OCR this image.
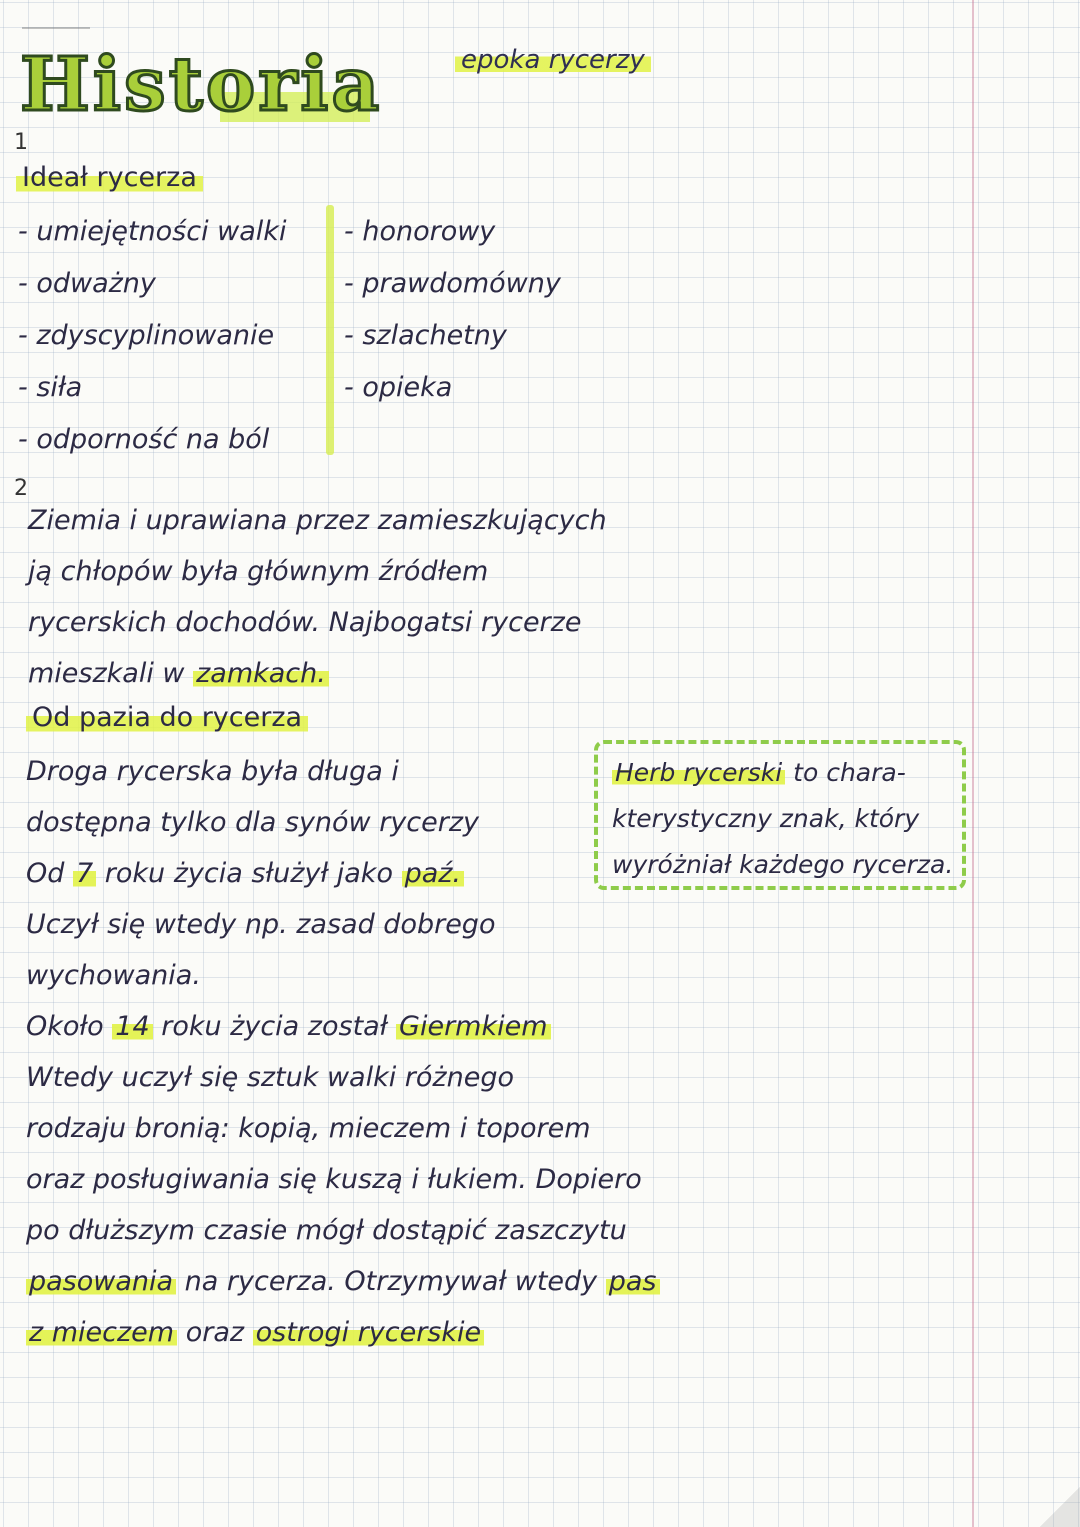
Historia	epoka rycerzy
1
Ideał rycerza
- umiejętności walki
- odważny
- zdyscyplinowanie
- siła
- odporność na ból
- honorowy
- prawdomówny
- szlachetny
- opieka
2
Ziemia i uprawiana przez zamieszkujących
ją chłopów była głównym źródłem
rycerskich dochodów. Najbogatsi rycerze
mieszkali w zamkach.
Od pazia do rycerza
Droga rycerska była długa i
dostępna tylko dla synów rycerzy
Od 7 roku życia służył jako paź.
Uczył się wtedy np. zasad dobrego
wychowania.
Około 14 roku życia został Giermkiem
Wtedy uczył się sztuk walki różnego
rodzaju bronią: kopią, mieczem i toporem
oraz posługiwania się kuszą i łukiem. Dopiero
po dłuższym czasie mógł dostąpić zaszczytu
pasowania na rycerza. Otrzymywał wtedy pas
z mieczem oraz ostrogi rycerskie
Herb rycerski to chara-
kterystyczny znak, który
wyróżniał każdego rycerza.
